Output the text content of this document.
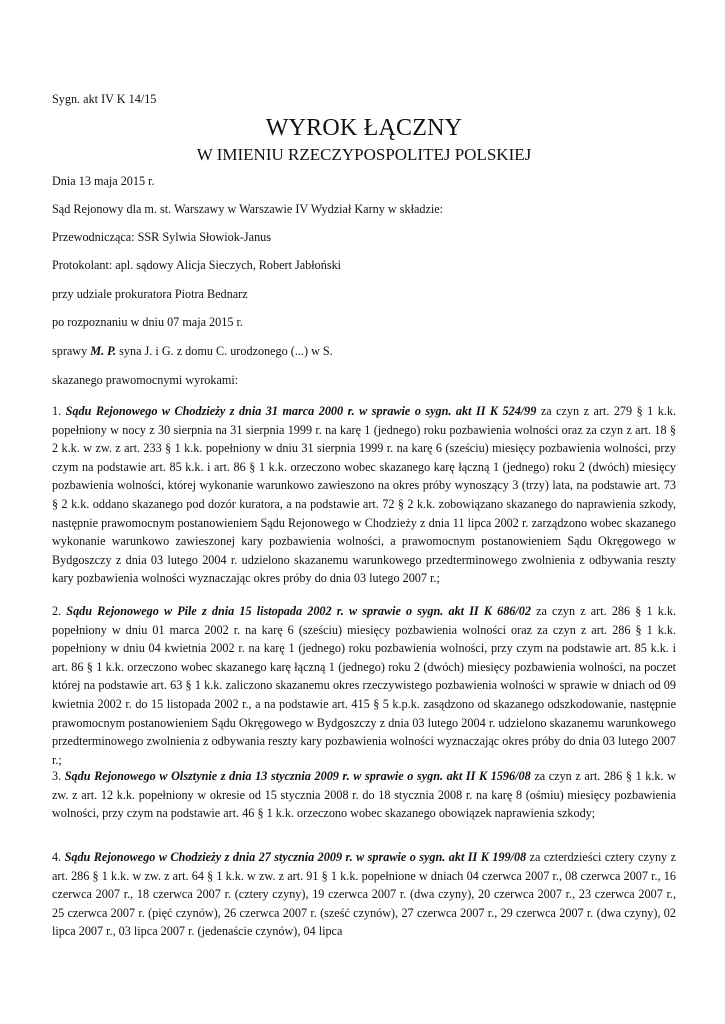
Sygn. akt IV K 14/15

WYROK ŁĄCZNY
W IMIENIU RZECZYPOSPOLITEJ POLSKIEJ

Dnia 13 maja 2015 r.

Sąd Rejonowy dla m. st. Warszawy w Warszawie IV Wydział Karny w składzie:

Przewodnicząca: SSR Sylwia Słowiok-Janus

Protokolant: apl. sądowy Alicja Sieczych, Robert Jabłoński

przy udziale prokuratora Piotra Bednarz

po rozpoznaniu w dniu 07 maja 2015 r.

sprawy M. P. syna J. i G. z domu C. urodzonego (...) w S.

skazanego prawomocnymi wyrokami:

1. Sądu Rejonowego w Chodzieży z dnia 31 marca 2000 r. w sprawie o sygn. akt II K 524/99 za czyn z art. 279 § 1 k.k. popełniony w nocy z 30 sierpnia na 31 sierpnia 1999 r. na karę 1 (jednego) roku pozbawienia wolności oraz za czyn z art. 18 § 2 k.k. w zw. z art. 233 § 1 k.k. popełniony w dniu 31 sierpnia 1999 r. na karę 6 (sześciu) miesięcy pozbawienia wolności, przy czym na podstawie art. 85 k.k. i art. 86 § 1 k.k. orzeczono wobec skazanego karę łączną 1 (jednego) roku 2 (dwóch) miesięcy pozbawienia wolności, której wykonanie warunkowo zawieszono na okres próby wynoszący 3 (trzy) lata, na podstawie art. 73 § 2 k.k. oddano skazanego pod dozór kuratora, a na podstawie art. 72 § 2 k.k. zobowiązano skazanego do naprawienia szkody, następnie prawomocnym postanowieniem Sądu Rejonowego w Chodzieży z dnia 11 lipca 2002 r. zarządzono wobec skazanego wykonanie warunkowo zawieszonej kary pozbawienia wolności, a prawomocnym postanowieniem Sądu Okręgowego w Bydgoszczy z dnia 03 lutego 2004 r. udzielono skazanemu warunkowego przedterminowego zwolnienia z odbywania reszty kary pozbawienia wolności wyznaczając okres próby do dnia 03 lutego 2007 r.;

2. Sądu Rejonowego w Pile z dnia 15 listopada 2002 r. w sprawie o sygn. akt II K 686/02 za czyn z art. 286 § 1 k.k. popełniony w dniu 01 marca 2002 r. na karę 6 (sześciu) miesięcy pozbawienia wolności oraz za czyn z art. 286 § 1 k.k. popełniony w dniu 04 kwietnia 2002 r. na karę 1 (jednego) roku pozbawienia wolności, przy czym na podstawie art. 85 k.k. i art. 86 § 1 k.k. orzeczono wobec skazanego karę łączną 1 (jednego) roku 2 (dwóch) miesięcy pozbawienia wolności, na poczet której na podstawie art. 63 § 1 k.k. zaliczono skazanemu okres rzeczywistego pozbawienia wolności w sprawie w dniach od 09 kwietnia 2002 r. do 15 listopada 2002 r., a na podstawie art. 415 § 5 k.p.k. zasądzono od skazanego odszkodowanie, następnie prawomocnym postanowieniem Sądu Okręgowego w Bydgoszczy z dnia 03 lutego 2004 r. udzielono skazanemu warunkowego przedterminowego zwolnienia z odbywania reszty kary pozbawienia wolności wyznaczając okres próby do dnia 03 lutego 2007 r.;

3. Sądu Rejonowego w Olsztynie z dnia 13 stycznia 2009 r. w sprawie o sygn. akt II K 1596/08 za czyn z art. 286 § 1 k.k. w zw. z art. 12 k.k. popełniony w okresie od 15 stycznia 2008 r. do 18 stycznia 2008 r. na karę 8 (ośmiu) miesięcy pozbawienia wolności, przy czym na podstawie art. 46 § 1 k.k. orzeczono wobec skazanego obowiązek naprawienia szkody;

4. Sądu Rejonowego w Chodzieży z dnia 27 stycznia 2009 r. w sprawie o sygn. akt II K 199/08 za czterdzieści cztery czyny z art. 286 § 1 k.k. w zw. z art. 64 § 1 k.k. w zw. z art. 91 § 1 k.k. popełnione w dniach 04 czerwca 2007 r., 08 czerwca 2007 r., 16 czerwca 2007 r., 18 czerwca 2007 r. (cztery czyny), 19 czerwca 2007 r. (dwa czyny), 20 czerwca 2007 r., 23 czerwca 2007 r., 25 czerwca 2007 r. (pięć czynów), 26 czerwca 2007 r. (sześć czynów), 27 czerwca 2007 r., 29 czerwca 2007 r. (dwa czyny), 02 lipca 2007 r., 03 lipca 2007 r. (jedenaście czynów), 04 lipca
